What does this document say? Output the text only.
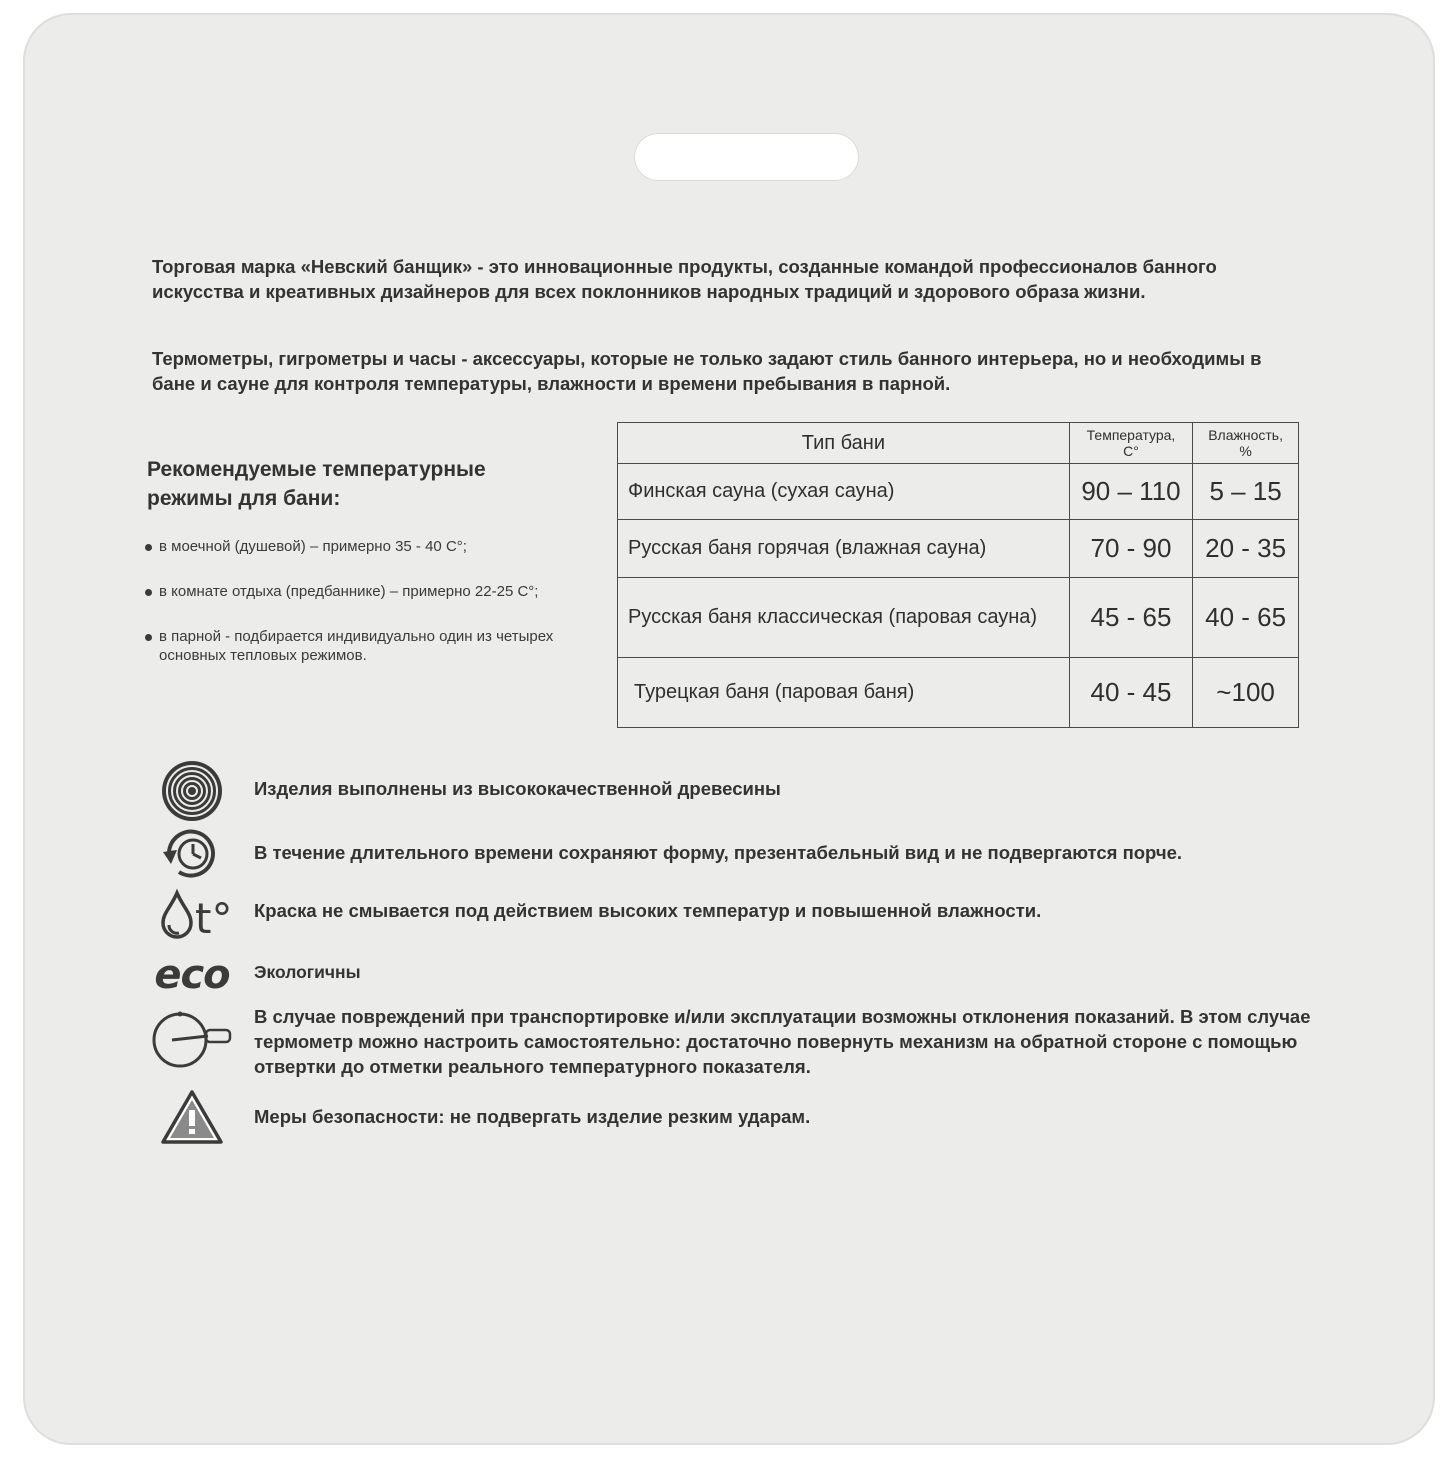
Торговая марка «Невский банщик» - это инновационные продукты, созданные командой профессионалов банного искусства и креативных дизайнеров для всех поклонников народных традиций и здорового образа жизни.

Термометры, гигрометры и часы - аксессуары, которые не только задают стиль банного интерьера, но и необходимы в бане и сауне для контроля температуры, влажности и времени пребывания в парной.

Рекомендуемые температурные режимы для бани:
в моечной (душевой) – примерно 35 - 40 С°;
в комнате отдыха (предбаннике) – примерно 22-25 С°;
в парной - подбирается индивидуально один из четырех основных тепловых режимов.
Тип бани	Температура, С°	Влажность, %
Финская сауна (сухая сауна)	90 – 110	5 – 15
Русская баня горячая (влажная сауна)	70 - 90	20 - 35
Русская баня классическая (паровая сауна)	45 - 65	40 - 65
Турецкая баня (паровая баня)	40 - 45	~100
Изделия выполнены из высококачественной древесины
В течение длительного времени сохраняют форму, презентабельный вид и не подвергаются порче.
t° Краска не смывается под действием высоких температур и повышенной влажности.
eco Экологичны
В случае повреждений при транспортировке и/или эксплуатации возможны отклонения показаний. В этом случае термометр можно настроить самостоятельно: достаточно повернуть механизм на обратной стороне с помощью отвертки до отметки реального температурного показателя.
Меры безопасности: не подвергать изделие резким ударам.
